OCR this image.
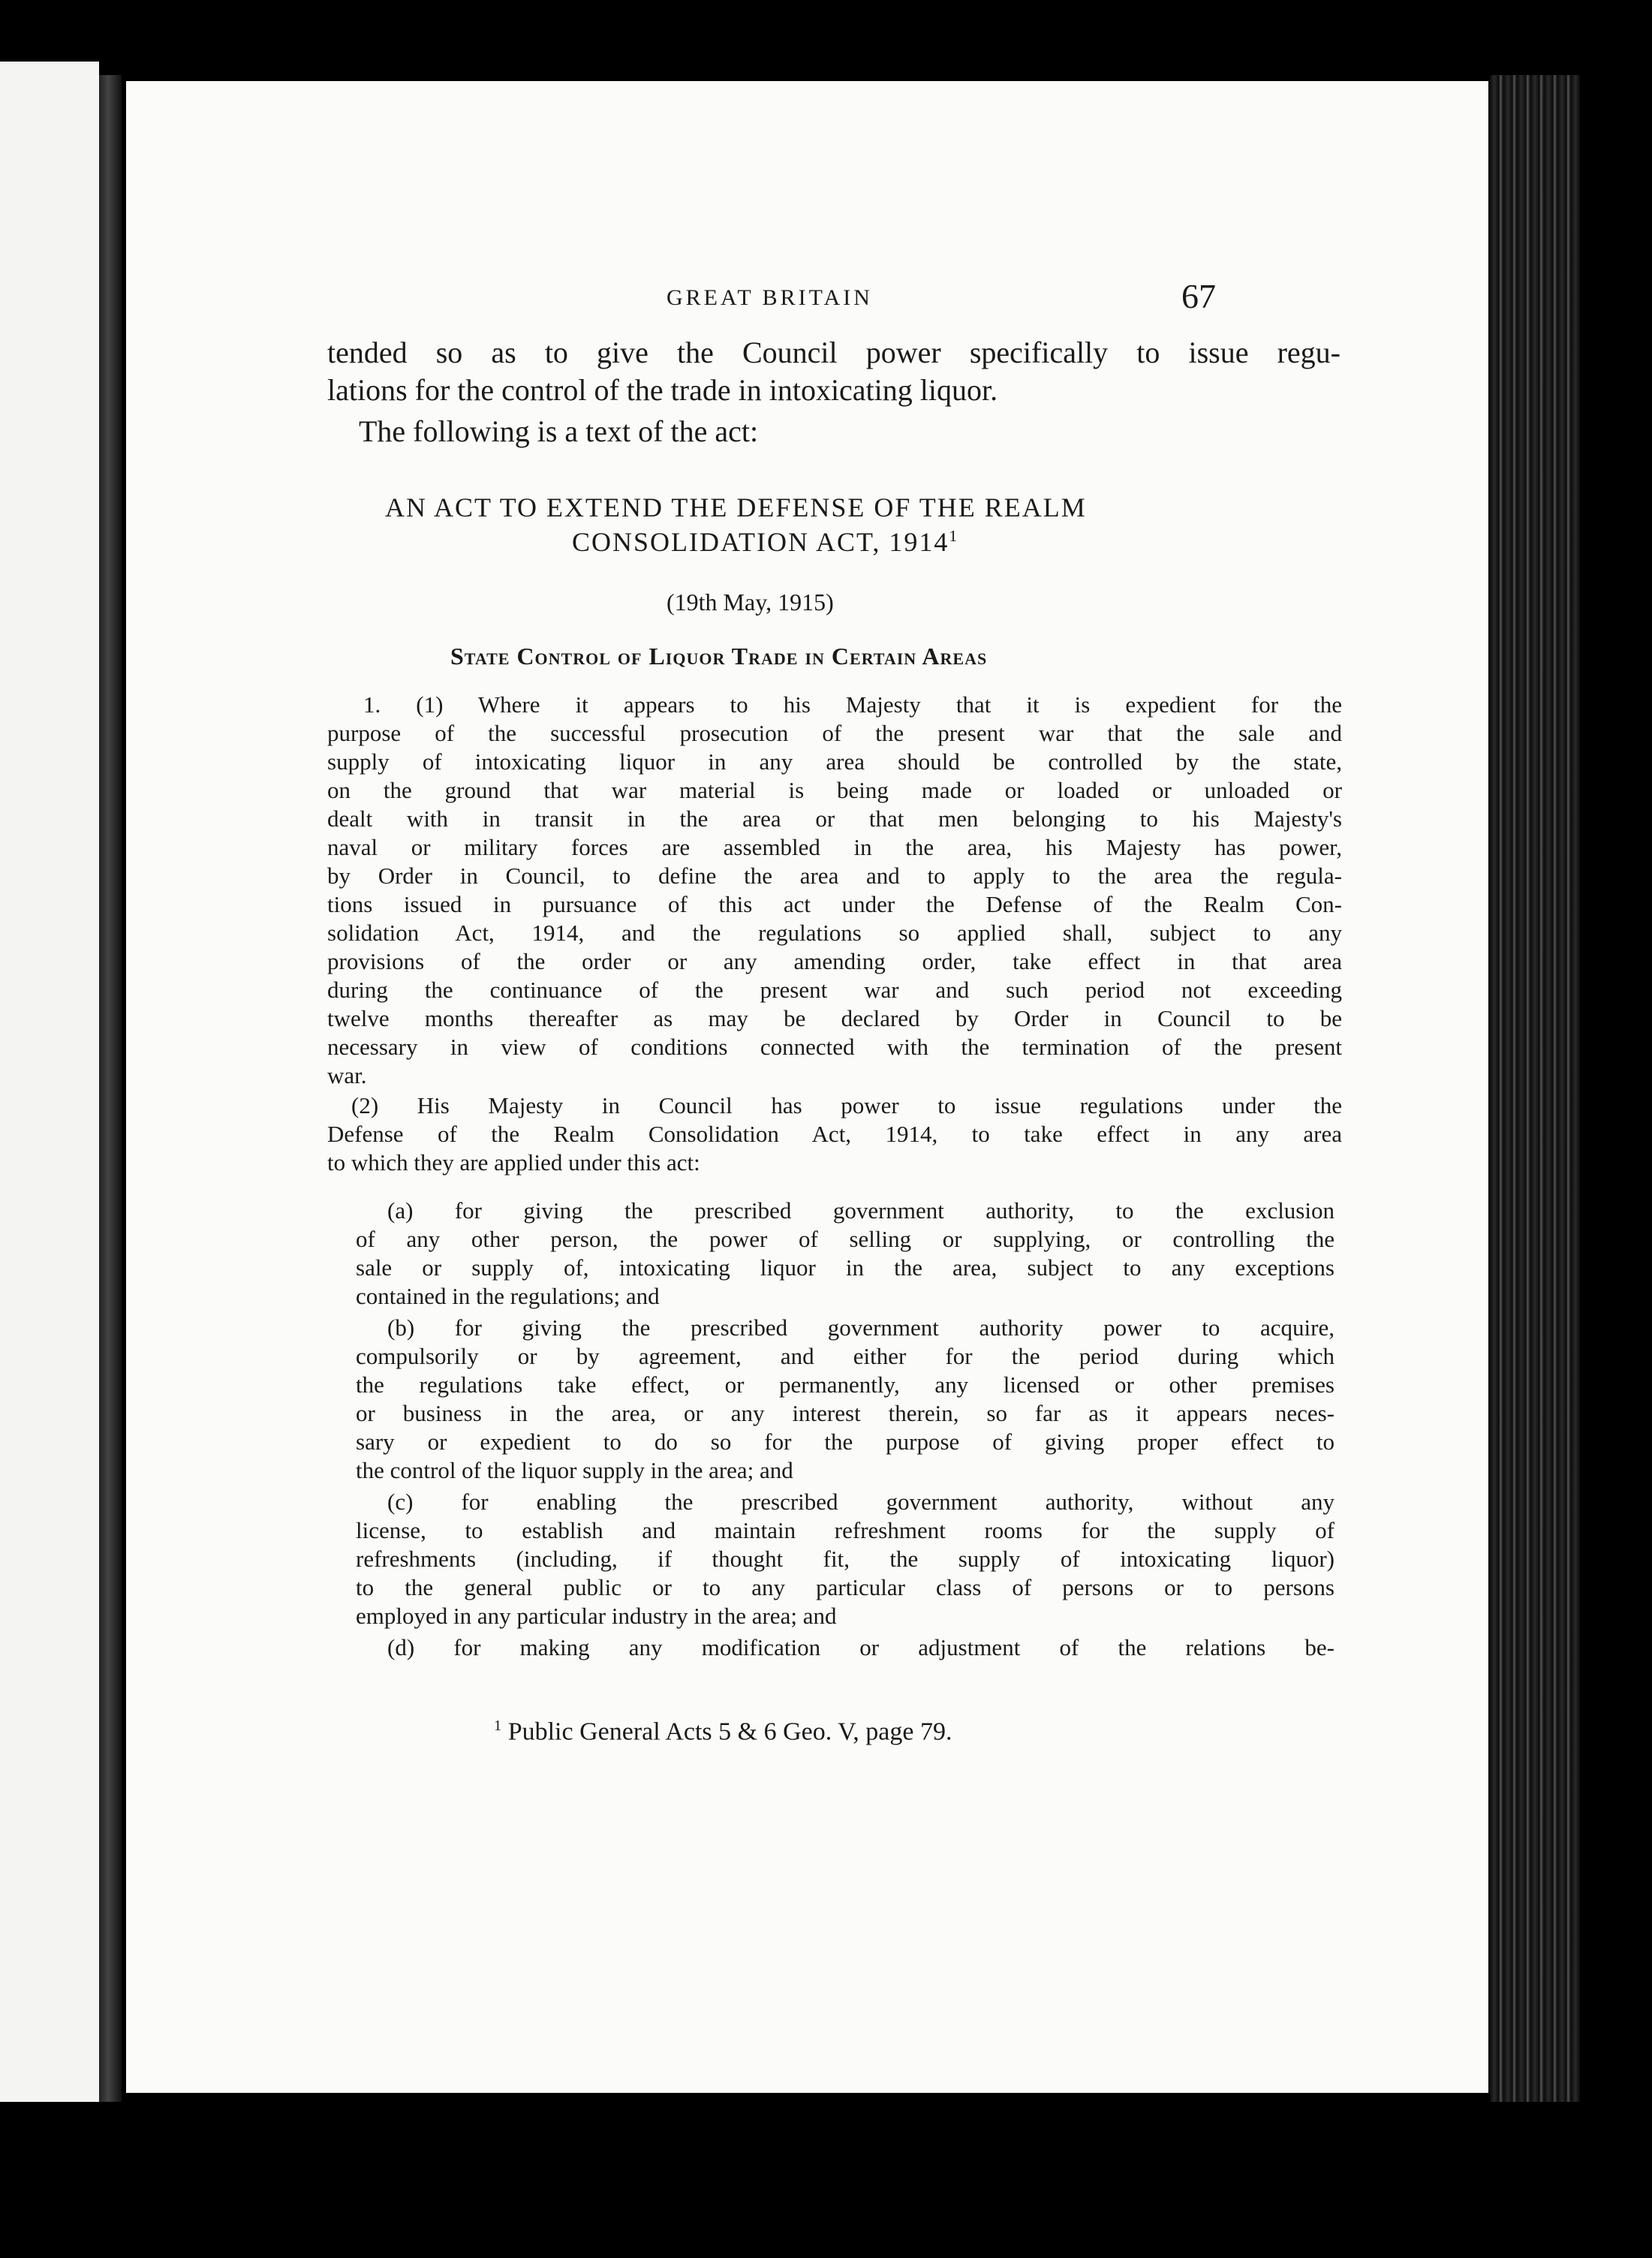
GREAT BRITAIN	67
tended so as to give the Council power specifically to issue regu-
lations for the control of the trade in intoxicating liquor.
The following is a text of the act:
AN ACT TO EXTEND THE DEFENSE OF THE REALM
CONSOLIDATION ACT, 1914$^1$
(19th May, 1915)
State Control of Liquor Trade in Certain Areas
1. (1) Where it appears to his Majesty that it is expedient for the
purpose of the successful prosecution of the present war that the sale and
supply of intoxicating liquor in any area should be controlled by the state,
on the ground that war material is being made or loaded or unloaded or
dealt with in transit in the area or that men belonging to his Majesty's
naval or military forces are assembled in the area, his Majesty has power,
by Order in Council, to define the area and to apply to the area the regula-
tions issued in pursuance of this act under the Defense of the Realm Con-
solidation Act, 1914, and the regulations so applied shall, subject to any
provisions of the order or any amending order, take effect in that area
during the continuance of the present war and such period not exceeding
twelve months thereafter as may be declared by Order in Council to be
necessary in view of conditions connected with the termination of the present
war.
(2) His Majesty in Council has power to issue regulations under the
Defense of the Realm Consolidation Act, 1914, to take effect in any area
to which they are applied under this act:
(a) for giving the prescribed government authority, to the exclusion
of any other person, the power of selling or supplying, or controlling the
sale or supply of, intoxicating liquor in the area, subject to any exceptions
contained in the regulations; and
(b) for giving the prescribed government authority power to acquire,
compulsorily or by agreement, and either for the period during which
the regulations take effect, or permanently, any licensed or other premises
or business in the area, or any interest therein, so far as it appears neces-
sary or expedient to do so for the purpose of giving proper effect to
the control of the liquor supply in the area; and
(c) for enabling the prescribed government authority, without any
license, to establish and maintain refreshment rooms for the supply of
refreshments (including, if thought fit, the supply of intoxicating liquor)
to the general public or to any particular class of persons or to persons
employed in any particular industry in the area; and
(d) for making any modification or adjustment of the relations be-
$^1$ Public General Acts 5 & 6 Geo. V, page 79.
